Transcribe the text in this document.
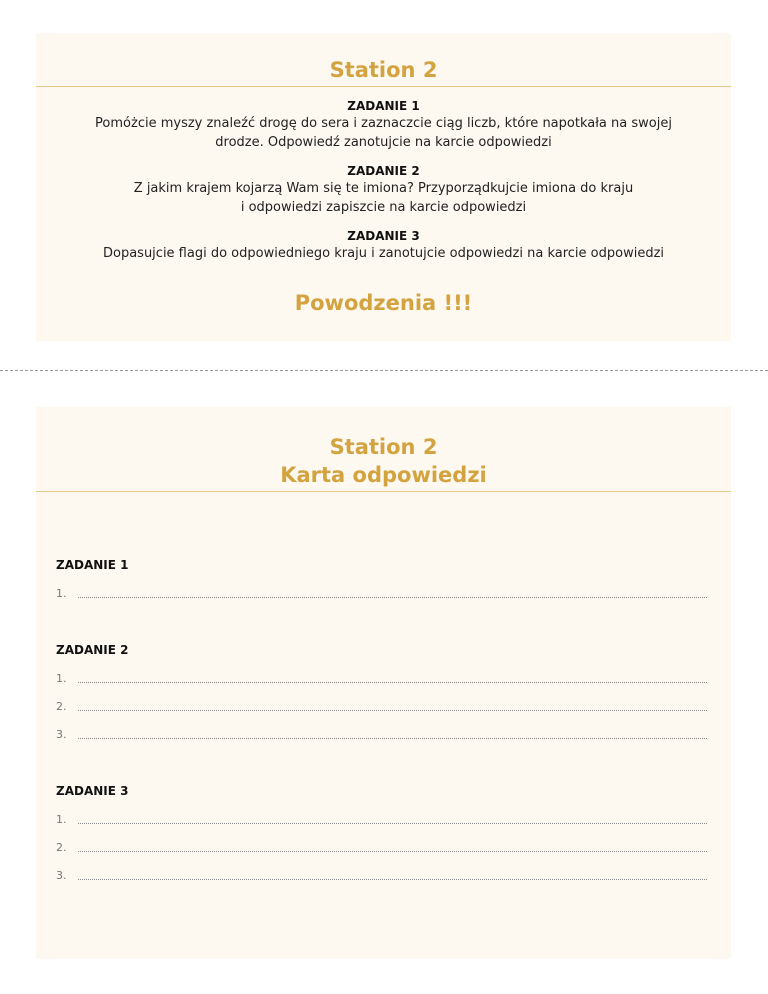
Station 2
ZADANIE 1
Pomóżcie myszy znaleźć drogę do sera i zaznaczcie ciąg liczb, które napotkała na swojej
drodze. Odpowiedź zanotujcie na karcie odpowiedzi
ZADANIE 2
Z jakim krajem kojarzą Wam się te imiona? Przyporządkujcie imiona do kraju
i odpowiedzi zapiszcie na karcie odpowiedzi
ZADANIE 3
Dopasujcie flagi do odpowiedniego kraju i zanotujcie odpowiedzi na karcie odpowiedzi
Powodzenia !!!
Station 2
Karta odpowiedzi
ZADANIE 1
1.
ZADANIE 2
1.
2.
3.
ZADANIE 3
1.
2.
3.
